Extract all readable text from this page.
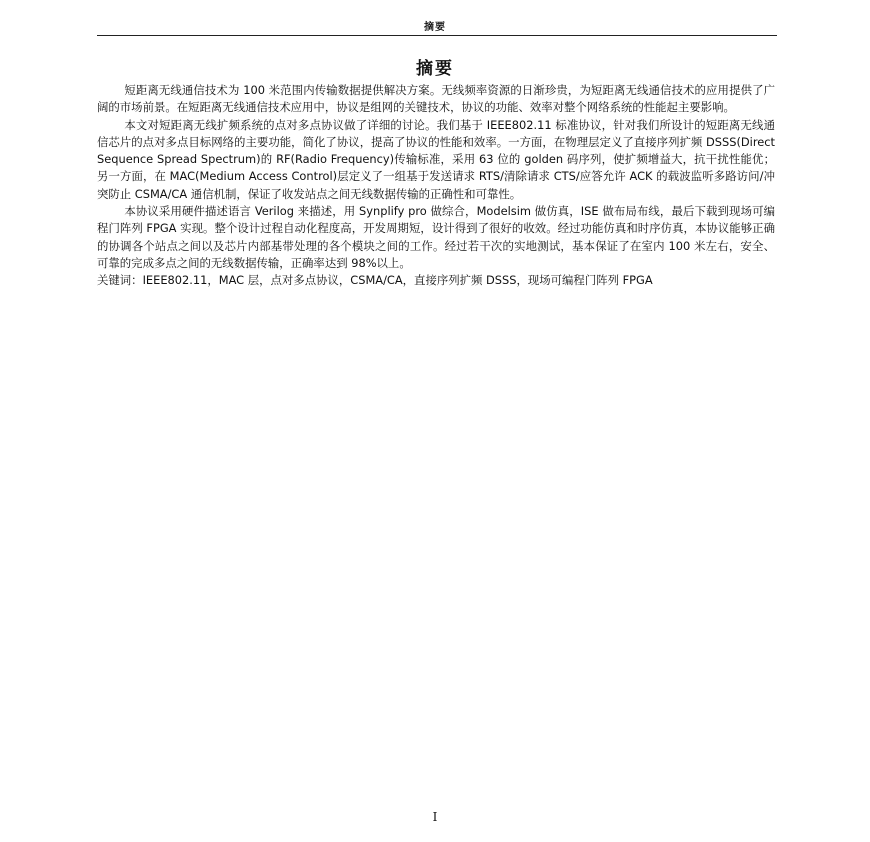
摘要
摘要

短距离无线通信技术为 100 米范围内传输数据提供解决方案。无线频率资源的日渐珍贵，为短距离无线通信技术的应用提供了广阔的市场前景。在短距离无线通信技术应用中，协议是组网的关键技术，协议的功能、效率对整个网络系统的性能起主要影响。

本文对短距离无线扩频系统的点对多点协议做了详细的讨论。我们基于 IEEE802.11 标准协议，针对我们所设计的短距离无线通信芯片的点对多点目标网络的主要功能，简化了协议，提高了协议的性能和效率。一方面，在物理层定义了直接序列扩频 DSSS(Direct Sequence Spread Spectrum)的 RF(Radio Frequency)传输标准，采用 63 位的 golden 码序列，使扩频增益大，抗干扰性能优；另一方面，在 MAC(Medium Access Control)层定义了一组基于发送请求 RTS/清除请求 CTS/应答允许 ACK 的载波监听多路访问/冲突防止 CSMA/CA 通信机制，保证了收发站点之间无线数据传输的正确性和可靠性。

本协议采用硬件描述语言 Verilog 来描述，用 Synplify pro 做综合，Modelsim 做仿真，ISE 做布局布线，最后下载到现场可编程门阵列 FPGA 实现。整个设计过程自动化程度高，开发周期短，设计得到了很好的收效。经过功能仿真和时序仿真，本协议能够正确的协调各个站点之间以及芯片内部基带处理的各个模块之间的工作。经过若干次的实地测试，基本保证了在室内 100 米左右，安全、可靠的完成多点之间的无线数据传输，正确率达到 98%以上。

关键词：IEEE802.11，MAC 层，点对多点协议，CSMA/CA，直接序列扩频 DSSS，现场可编程门阵列 FPGA
I
